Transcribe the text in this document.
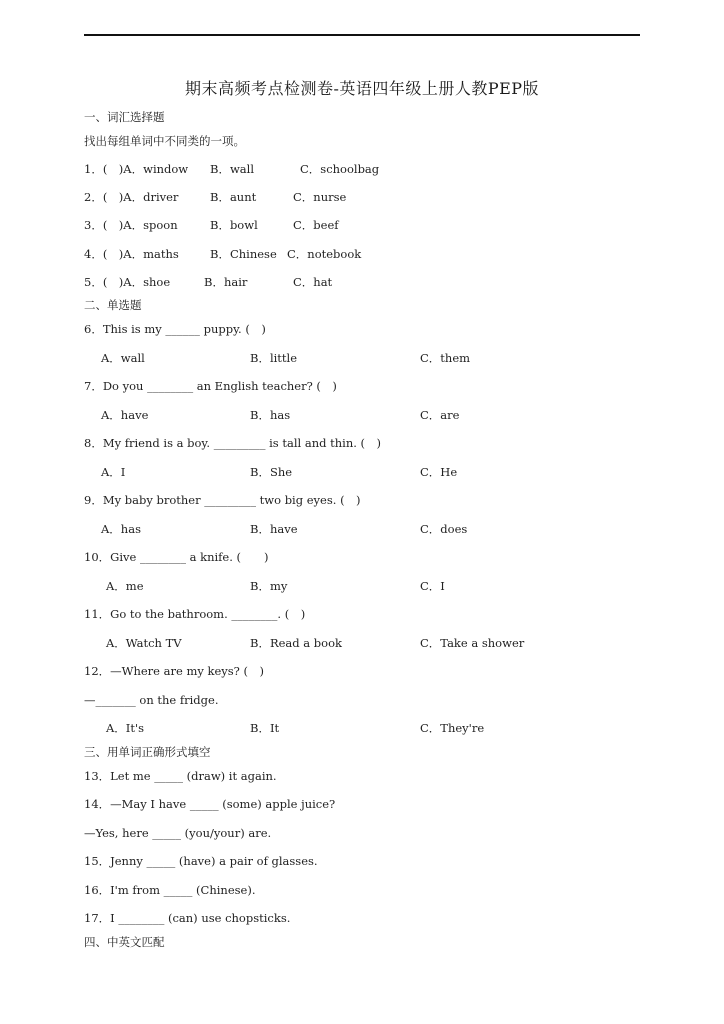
期末高频考点检测卷-英语四年级上册人教PEP版
一、词汇选择题
找出每组单词中不同类的一项。
1．(　)A．window B．wall	C．schoolbag
2．(　)A．driver	B．aunt	C．nurse
3．(　)A．spoon	B．bowl	C．beef
4．(　)A．maths	B．Chinese C．notebook
5．(　)A．shoe	B．hair	C．hat
二、单选题
6．This is my ______ puppy. (　)
A．wall	B．little	C．them
7．Do you ________ an English teacher? (　)
A．have	B．has	C．are
8．My friend is a boy. _________ is tall and thin. (　)
A．I	B．She	C．He
9．My baby brother _________ two big eyes. (　)
A．has	B．have	C．does
10．Give ________ a knife. (　　)
A．me	B．my	C．I
11．Go to the bathroom. ________. (　)
A．Watch TV	B．Read a book	C．Take a shower
12．—Where are my keys? (　)
—_______ on the fridge.
A．It's	B．It	C．They're
三、用单词正确形式填空
13．Let me _____ (draw) it again.
14．—May I have _____ (some) apple juice?
—Yes, here _____ (you/your) are.
15．Jenny _____ (have) a pair of glasses.
16．I'm from _____ (Chinese).
17．I ________ (can) use chopsticks.
四、中英文匹配
